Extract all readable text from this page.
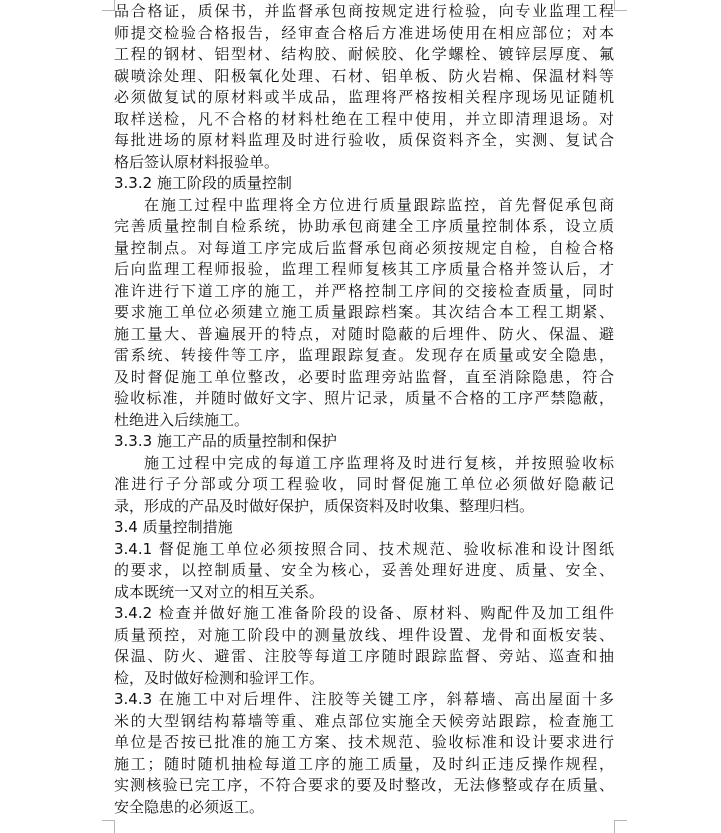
品合格证，质保书，并监督承包商按规定进行检验，向专业监理工程
师提交检验合格报告，经审查合格后方准进场使用在相应部位；对本
工程的钢材、铝型材、结构胶、耐候胶、化学螺栓、镀锌层厚度、氟
碳喷涂处理、阳极氧化处理、石材、铝单板、防火岩棉、保温材料等
必须做复试的原材料或半成品，监理将严格按相关程序现场见证随机
取样送检，凡不合格的材料杜绝在工程中使用，并立即清理退场。对
每批进场的原材料监理及时进行验收，质保资料齐全，实测、复试合
格后签认原材料报验单。
3.3.2 施工阶段的质量控制
在施工过程中监理将全方位进行质量跟踪监控，首先督促承包商
完善质量控制自检系统，协助承包商建全工序质量控制体系，设立质
量控制点。对每道工序完成后监督承包商必须按规定自检，自检合格
后向监理工程师报验，监理工程师复核其工序质量合格并签认后，才
准许进行下道工序的施工，并严格控制工序间的交接检查质量，同时
要求施工单位必须建立施工质量跟踪档案。其次结合本工程工期紧、
施工量大、普遍展开的特点，对随时隐蔽的后埋件、防火、保温、避
雷系统、转接件等工序，监理跟踪复查。发现存在质量或安全隐患，
及时督促施工单位整改，必要时监理旁站监督，直至消除隐患，符合
验收标准，并随时做好文字、照片记录，质量不合格的工序严禁隐蔽，
杜绝进入后续施工。
3.3.3 施工产品的质量控制和保护
施工过程中完成的每道工序监理将及时进行复核，并按照验收标
准进行子分部或分项工程验收，同时督促施工单位必须做好隐蔽记
录，形成的产品及时做好保护，质保资料及时收集、整理归档。
3.4 质量控制措施
3.4.1 督促施工单位必须按照合同、技术规范、验收标准和设计图纸
的要求，以控制质量、安全为核心，妥善处理好进度、质量、安全、
成本既统一又对立的相互关系。
3.4.2 检查并做好施工准备阶段的设备、原材料、购配件及加工组件
质量预控，对施工阶段中的测量放线、埋件设置、龙骨和面板安装、
保温、防火、避雷、注胶等每道工序随时跟踪监督、旁站、巡查和抽
检，及时做好检测和验评工作。
3.4.3 在施工中对后埋件、注胶等关键工序，斜幕墙、高出屋面十多
米的大型钢结构幕墙等重、难点部位实施全天候旁站跟踪，检查施工
单位是否按已批准的施工方案、技术规范、验收标准和设计要求进行
施工；随时随机抽检每道工序的施工质量，及时纠正违反操作规程，
实测核验已完工序，不符合要求的要及时整改，无法修整或存在质量、
安全隐患的必须返工。
